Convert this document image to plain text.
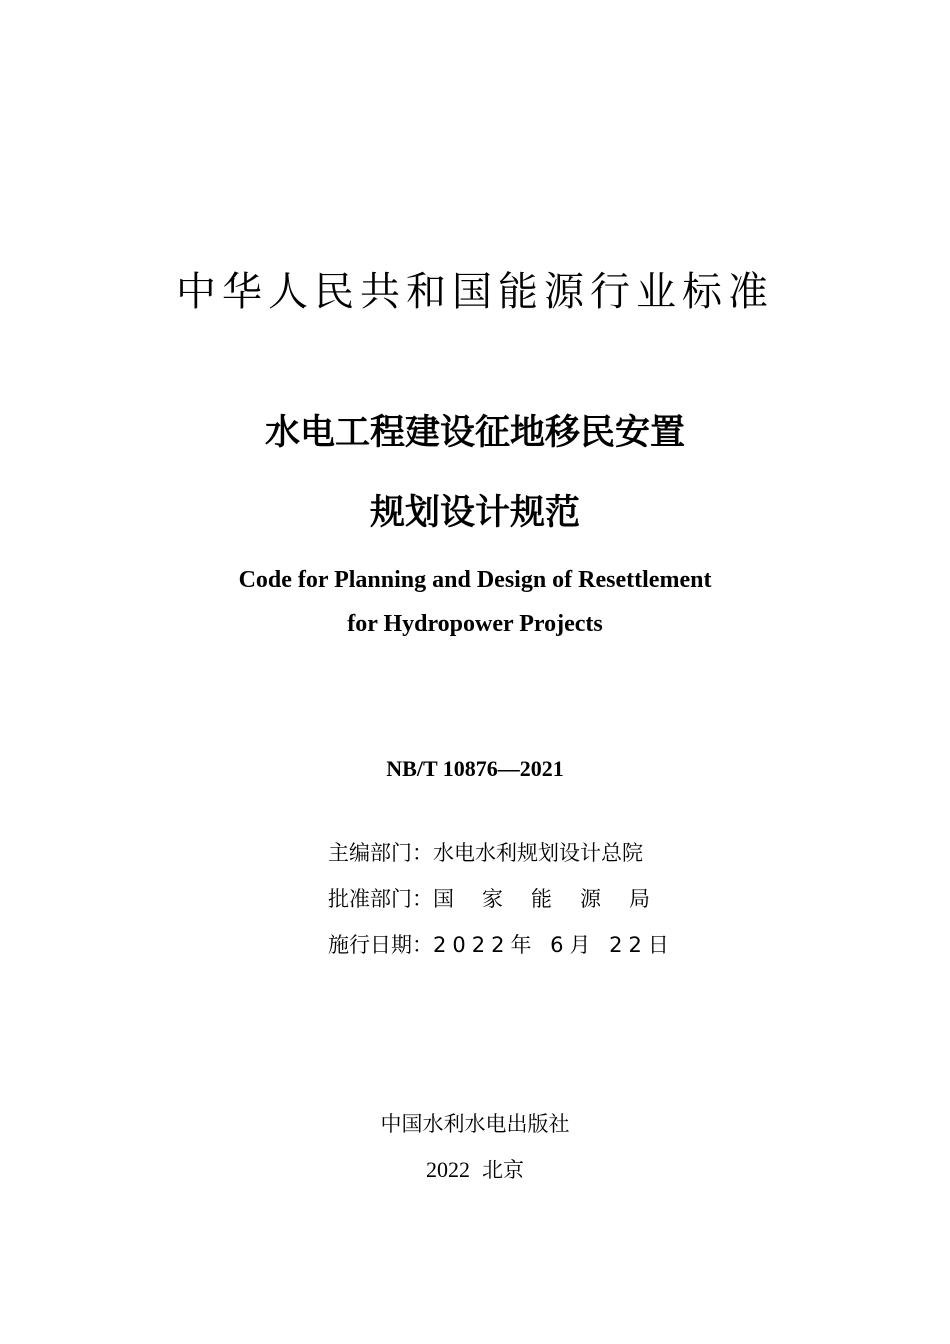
中华人民共和国能源行业标准
水电工程建设征地移民安置
规划设计规范
Code for Planning and Design of Resettlement
for Hydropower Projects
NB/T 10876—2021
主编部门：水电水利规划设计总院
批准部门：国家能源局
施行日期：2022年 6月 22日
中国水利水电出版社
2022 北京
